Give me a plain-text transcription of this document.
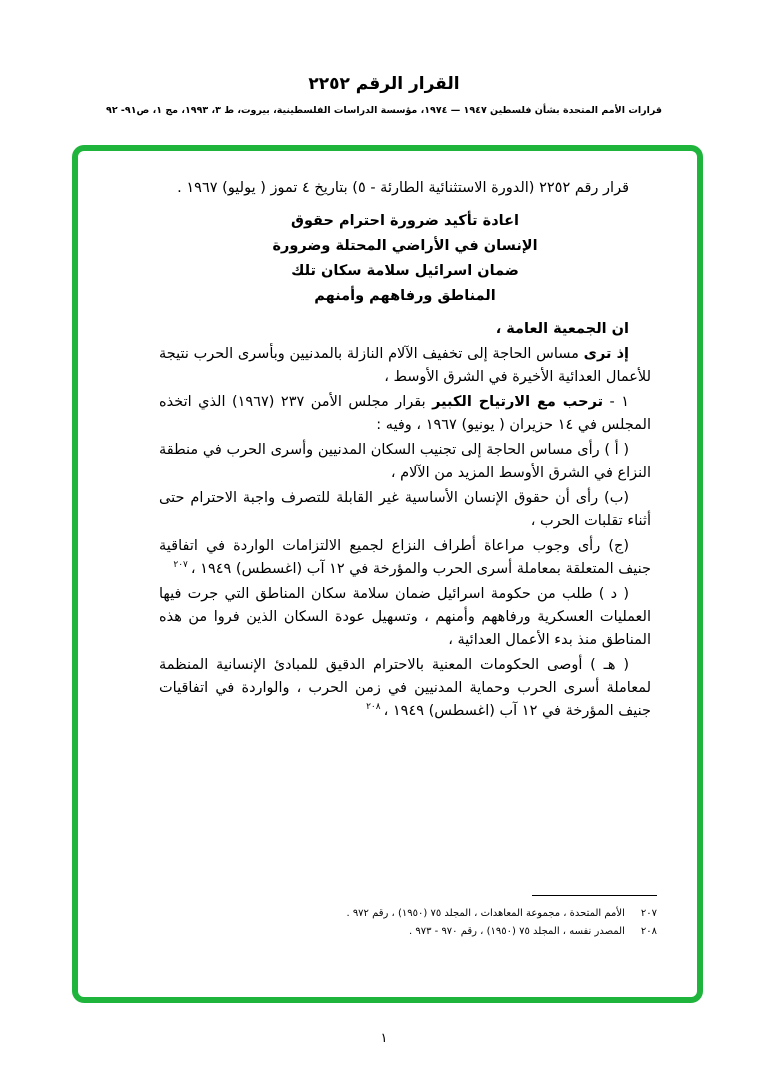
القرار الرقم ٢٢٥٢
قرارات الأمم المتحدة بشأن فلسطين ١٩٤٧ — ١٩٧٤، مؤسسة الدراسات الفلسطينية، بيروت، ط ٣، ١٩٩٣، مج ١، ص٩١- ٩٢

قرار رقم ٢٢٥٢ (الدورة الاستثنائية الطارئة - ٥) بتاريخ ٤ تموز ( يوليو) ١٩٦٧ .

اعادة تأكيد ضرورة احترام حقوق
الإنسان في الأراضي المحتلة وضرورة
ضمان اسرائيل سلامة سكان تلك
المناطق ورفاههم وأمنهم

ان الجمعية العامة ،

إذ ترى مساس الحاجة إلى تخفيف الآلام النازلة بالمدنيين وبأسرى الحرب نتيجة للأعمال العدائية الأخيرة في الشرق الأوسط ،

١ - ترحب مع الارتياح الكبير بقرار مجلس الأمن ٢٣٧ (١٩٦٧) الذي اتخذه المجلس في ١٤ حزيران ( يونيو) ١٩٦٧ ، وفيه :

( أ ) رأى مساس الحاجة إلى تجنيب السكان المدنيين وأسرى الحرب في منطقة النزاع في الشرق الأوسط المزيد من الآلام ،

(ب) رأى أن حقوق الإنسان الأساسية غير القابلة للتصرف واجبة الاحترام حتى أثناء تقلبات الحرب ،

(ج) رأى وجوب مراعاة أطراف النزاع لجميع الالتزامات الواردة في اتفاقية جنيف المتعلقة بمعاملة أسرى الحرب والمؤرخة في ١٢ آب (اغسطس) ١٩٤٩ ،$^{٢٠٧}$

( د ) طلب من حكومة اسرائيل ضمان سلامة سكان المناطق التي جرت فيها العمليات العسكرية ورفاههم وأمنهم ، وتسهيل عودة السكان الذين فروا من هذه المناطق منذ بدء الأعمال العدائية ،

( هـ ) أوصى الحكومات المعنية بالاحترام الدقيق للمبادئ الإنسانية المنظمة لمعاملة أسرى الحرب وحماية المدنيين في زمن الحرب ، والواردة في اتفاقيات جنيف المؤرخة في ١٢ آب (اغسطس) ١٩٤٩ ،$^{٢٠٨}$

٢٠٧الأمم المتحدة ، مجموعة المعاهدات ، المجلد ٧٥ (١٩٥٠) ، رقم ٩٧٢ .
٢٠٨المصدر نفسه ، المجلد ٧٥ (١٩٥٠) ، رقم ٩٧٠ - ٩٧٣ .
١
